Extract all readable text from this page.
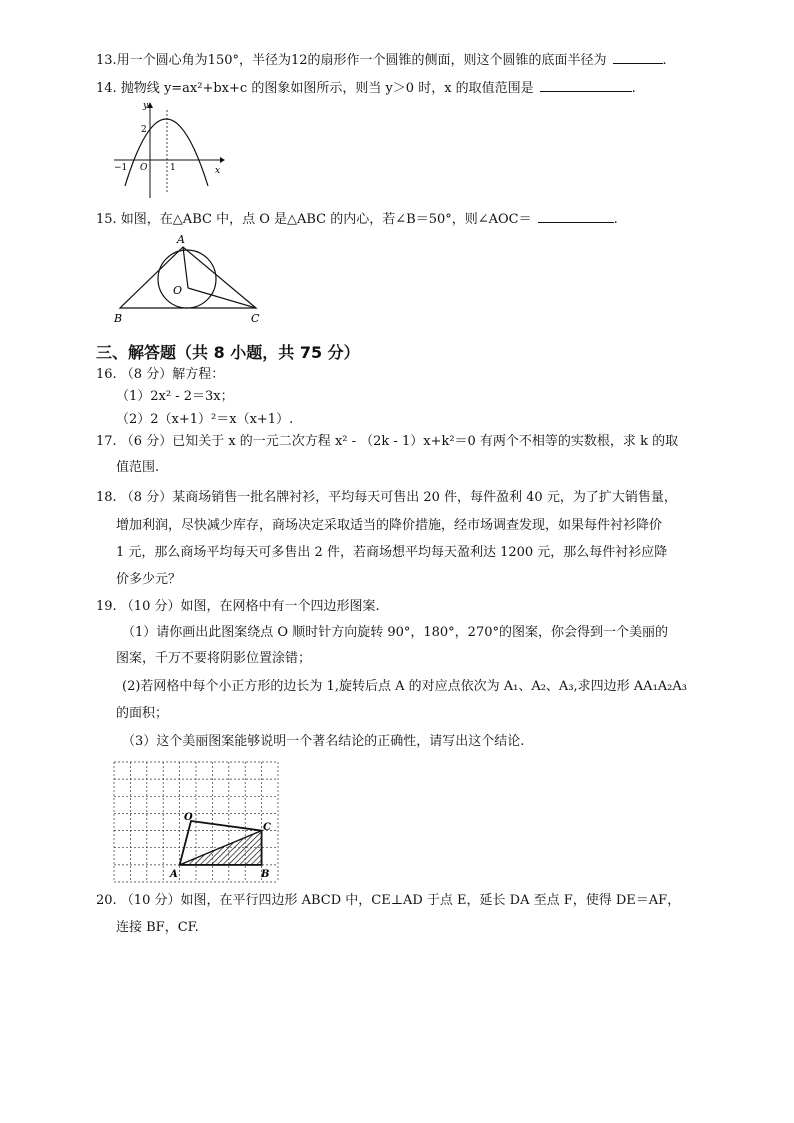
13.用一个圆心角为150°，半径为12的扇形作一个圆锥的侧面，则这个圆锥的底面半径为	.
14. 抛物线 y=ax²+bx+c 的图象如图所示，则当 y＞0 时，x 的取值范围是	.
y
x
2
−1 O	1
15. 如图，在△ABC 中，点 O 是△ABC 的内心，若∠B＝50°，则∠AOC＝	.
A
B	C
O
三、解答题（共 8 小题，共 75 分）
16. （8 分）解方程：
（1）2x² - 2＝3x；
（2）2（x+1）²＝x（x+1）.
17. （6 分）已知关于 x 的一元二次方程 x² - （2k - 1）x+k²＝0 有两个不相等的实数根，求 k 的取
值范围.
18. （8 分）某商场销售一批名牌衬衫，平均每天可售出 20 件，每件盈利 40 元，为了扩大销售量，
增加利润，尽快减少库存，商场决定采取适当的降价措施，经市场调查发现，如果每件衬衫降价
1 元，那么商场平均每天可多售出 2 件，若商场想平均每天盈利达 1200 元，那么每件衬衫应降
价多少元？
19. （10 分）如图，在网格中有一个四边形图案.
（1）请你画出此图案绕点 O 顺时针方向旋转 90°，180°，270°的图案，你会得到一个美丽的
图案，千万不要将阴影位置涂错；
(2)若网格中每个小正方形的边长为 1,旋转后点 A 的对应点依次为 A₁、A₂、A₃,求四边形 AA₁A₂A₃
的面积；
（3）这个美丽图案能够说明一个著名结论的正确性，请写出这个结论.
O
C
A	B
20. （10 分）如图，在平行四边形 ABCD 中，CE⊥AD 于点 E，延长 DA 至点 F，使得 DE＝AF，
连接 BF，CF.
